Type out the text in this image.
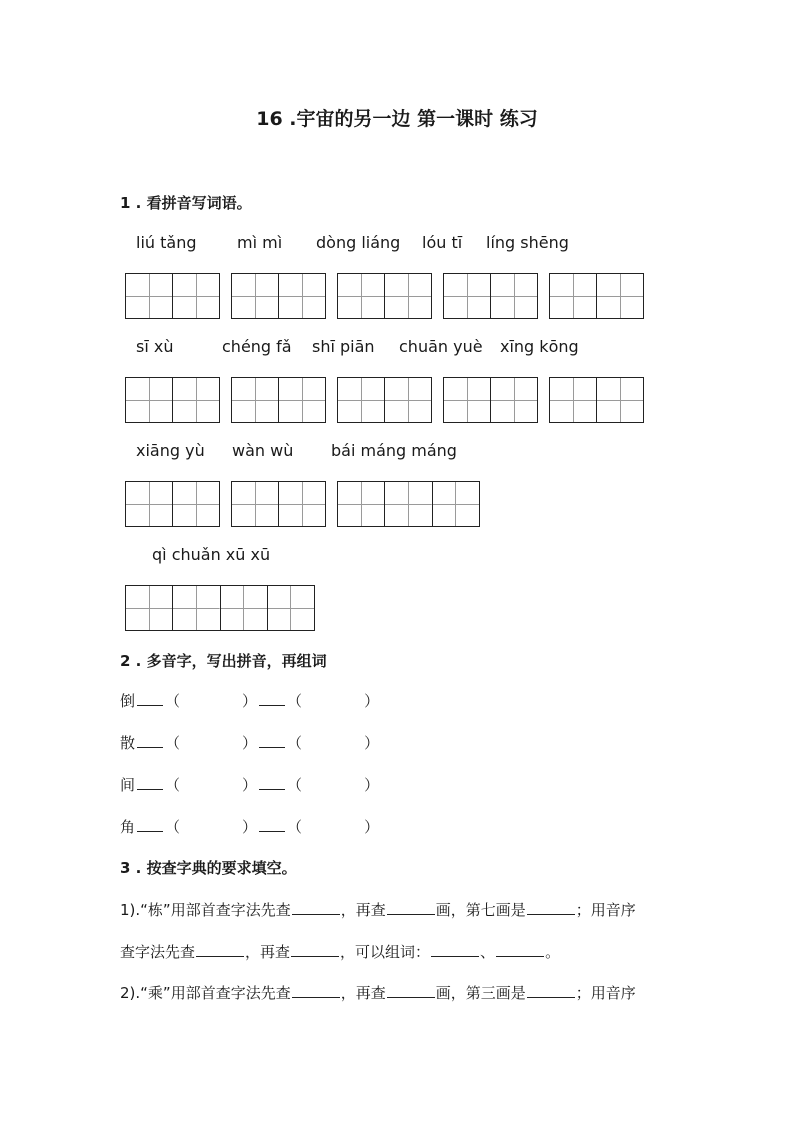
16 .宇宙的另一边 第一课时 练习
1 . 看拼音写词语。
liú tǎng	mì mì dòng liáng lóu tī líng shēng
sī xù	chéng fǎ shī piān chuān yuè xīng kōng
xiāng yù wàn wù bái máng máng
qì chuǎn xū xū
2 . 多音字，写出拼音，再组词
倒 （	） （	）
散 （	） （	）
间 （	） （	）
角 （	） （	）
3 . 按查字典的要求填空。
1).“栋”用部首查字法先查	，再查	画，第七画是	；用音序
查字法先查	，再查	，可以组词：	、	。
2).“乘”用部首查字法先查	，再查	画，第三画是	；用音序
